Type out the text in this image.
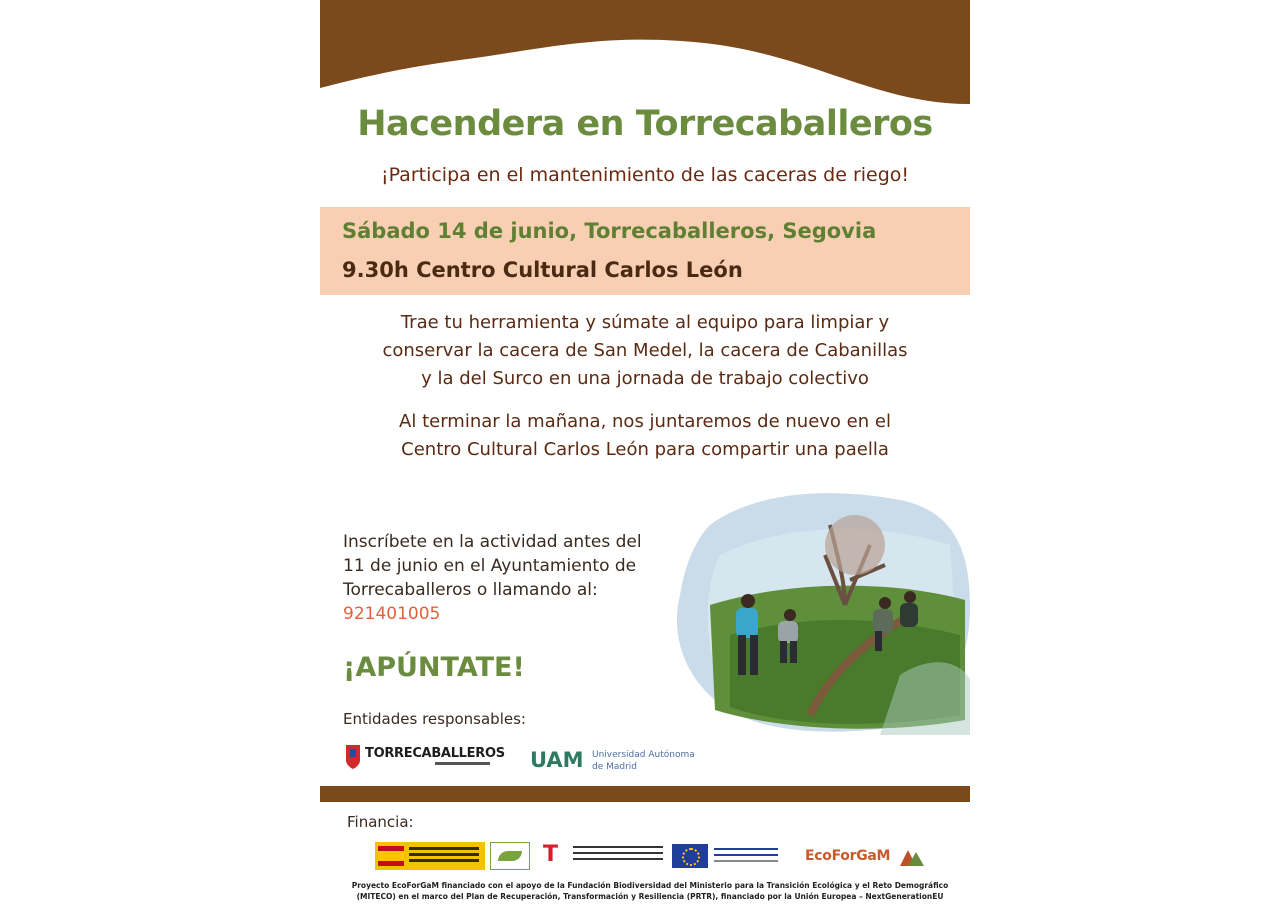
Hacendera en Torrecaballeros
¡Participa en el mantenimiento de las caceras de riego!
Sábado 14 de junio, Torrecaballeros, Segovia
9.30h Centro Cultural Carlos León
Trae tu herramienta y súmate al equipo para limpiar y
conservar la cacera de San Medel, la cacera de Cabanillas
y la del Surco en una jornada de trabajo colectivo
Al terminar la mañana, nos juntaremos de nuevo en el
Centro Cultural Carlos León para compartir una paella
Inscríbete en la actividad antes del
11 de junio en el Ayuntamiento de
Torrecaballeros o llamando al:
921401005
¡APÚNTATE!
Entidades responsables:
TORRECABALLEROS UAM Universidad Autónoma
de Madrid
Financia:
T	EcoForGaM
Proyecto EcoForGaM financiado con el apoyo de la Fundación Biodiversidad del Ministerio para la Transición Ecológica y el Reto Demográfico
(MITECO) en el marco del Plan de Recuperación, Transformación y Resiliencia (PRTR), financiado por la Unión Europea – NextGenerationEU
